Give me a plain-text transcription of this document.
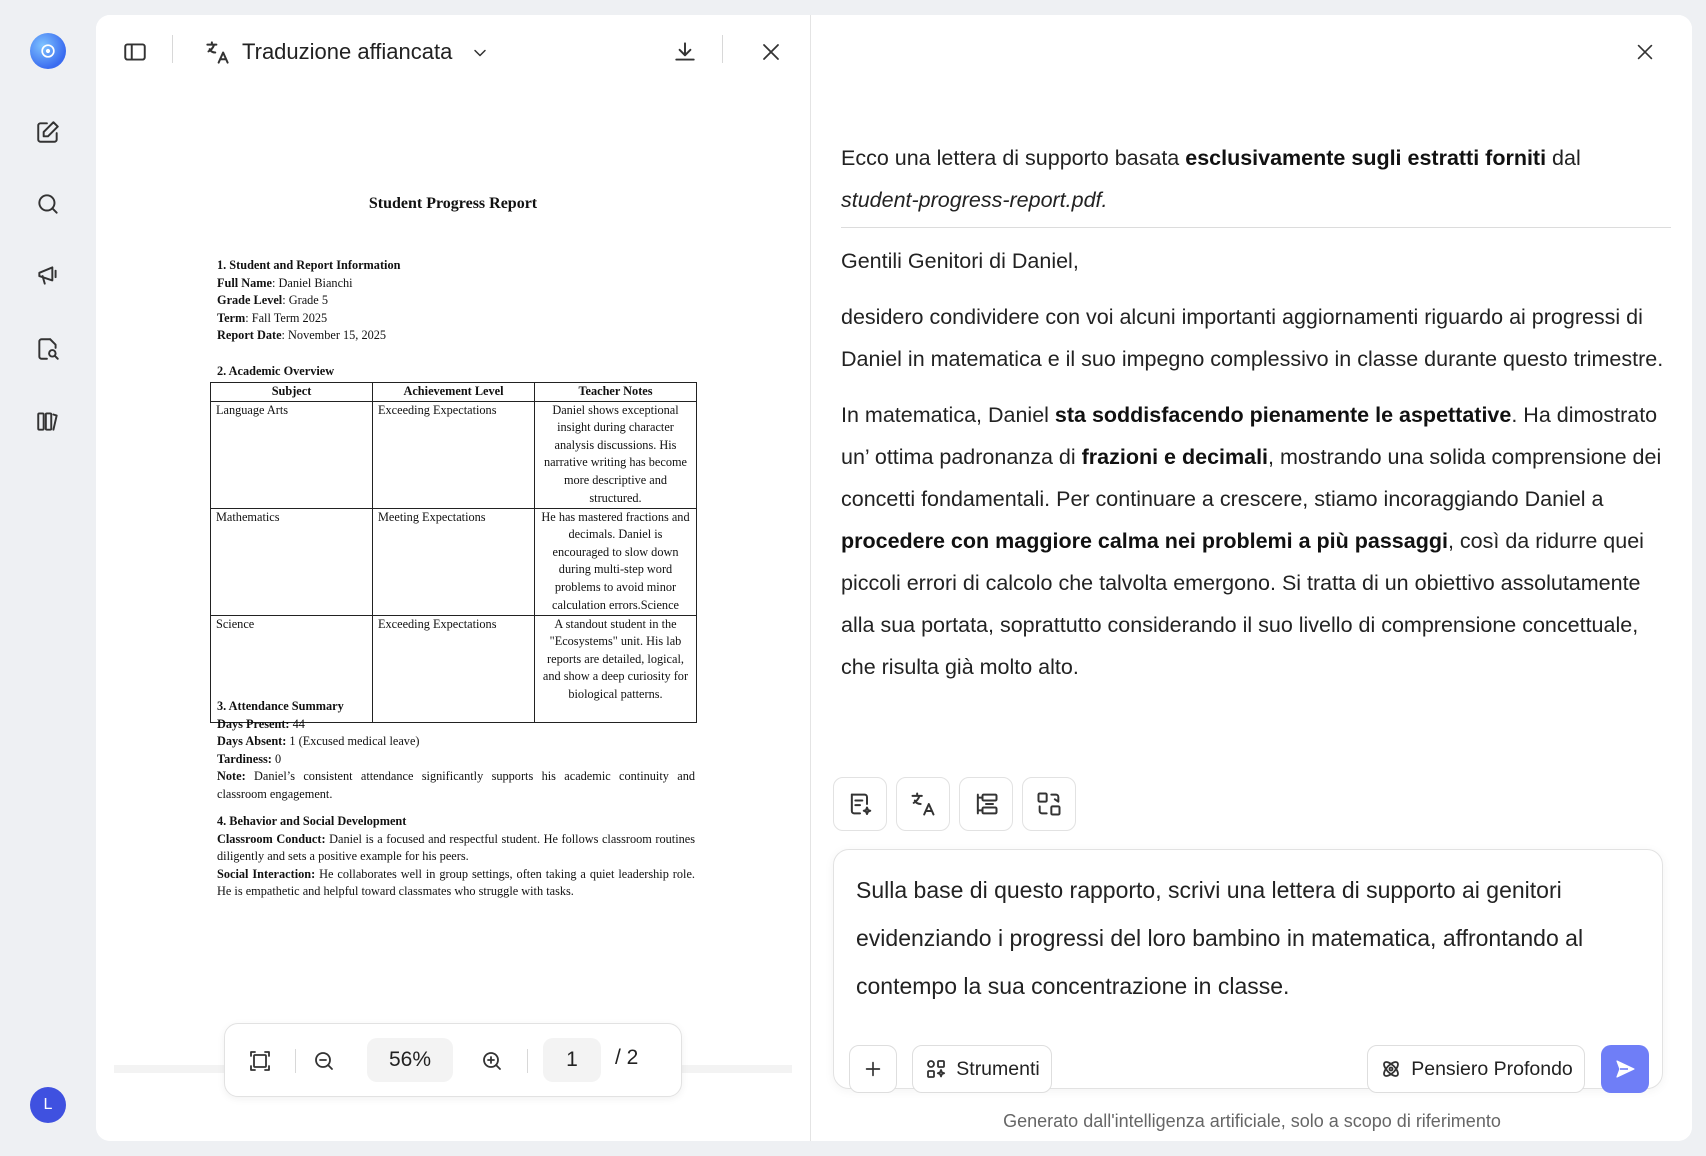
L
Traduzione affiancata
Student Progress Report
1. Student and Report Information
Full Name: Daniel Bianchi
Grade Level: Grade 5
Term: Fall Term 2025
Report Date: November 15, 2025
2. Academic Overview
Subject	Achievement Level	Teacher Notes
Language Arts	Exceeding Expectations	Daniel shows exceptional insight during character analysis discussions. His narrative writing has become more descriptive and structured.
Mathematics	Meeting Expectations	He has mastered fractions and decimals. Daniel is encouraged to slow down during multi-step word problems to avoid minor calculation errors.Science
Science	Exceeding Expectations	A standout student in the "Ecosystems" unit. His lab reports are detailed, logical, and show a deep curiosity for biological patterns.
3. Attendance Summary
Days Present: 44
Days Absent: 1 (Excused medical leave)
Tardiness: 0
Note: Daniel’s consistent attendance significantly supports his academic continuity and classroom engagement.
4. Behavior and Social Development
Classroom Conduct: Daniel is a focused and respectful student. He follows classroom routines diligently and sets a positive example for his peers.
Social Interaction: He collaborates well in group settings, often taking a quiet leadership role. He is empathetic and helpful toward classmates who struggle with tasks.
56%	1	/ 2

Ecco una lettera di supporto basata esclusivamente sugli estratti forniti dal
student-progress-report.pdf.

Gentili Genitori di Daniel,

desidero condividere con voi alcuni importanti aggiornamenti riguardo ai progressi di Daniel in matematica e il suo impegno complessivo in classe durante questo trimestre.

In matematica, Daniel sta soddisfacendo pienamente le aspettative. Ha dimostrato un’ ottima padronanza di frazioni e decimali, mostrando una solida comprensione dei concetti fondamentali. Per continuare a crescere, stiamo incoraggiando Daniel a procedere con maggiore calma nei problemi a più passaggi, così da ridurre quei piccoli errori di calcolo che talvolta emergono. Si tratta di un obiettivo assolutamente alla sua portata, soprattutto considerando il suo livello di comprensione concettuale, che risulta già molto alto.

Sulla base di questo rapporto, scrivi una lettera di supporto ai genitori evidenziando i progressi del loro bambino in matematica, affrontando al contempo la sua concentrazione in classe.
Strumenti	Pensiero Profondo
Generato dall'intelligenza artificiale, solo a scopo di riferimento
